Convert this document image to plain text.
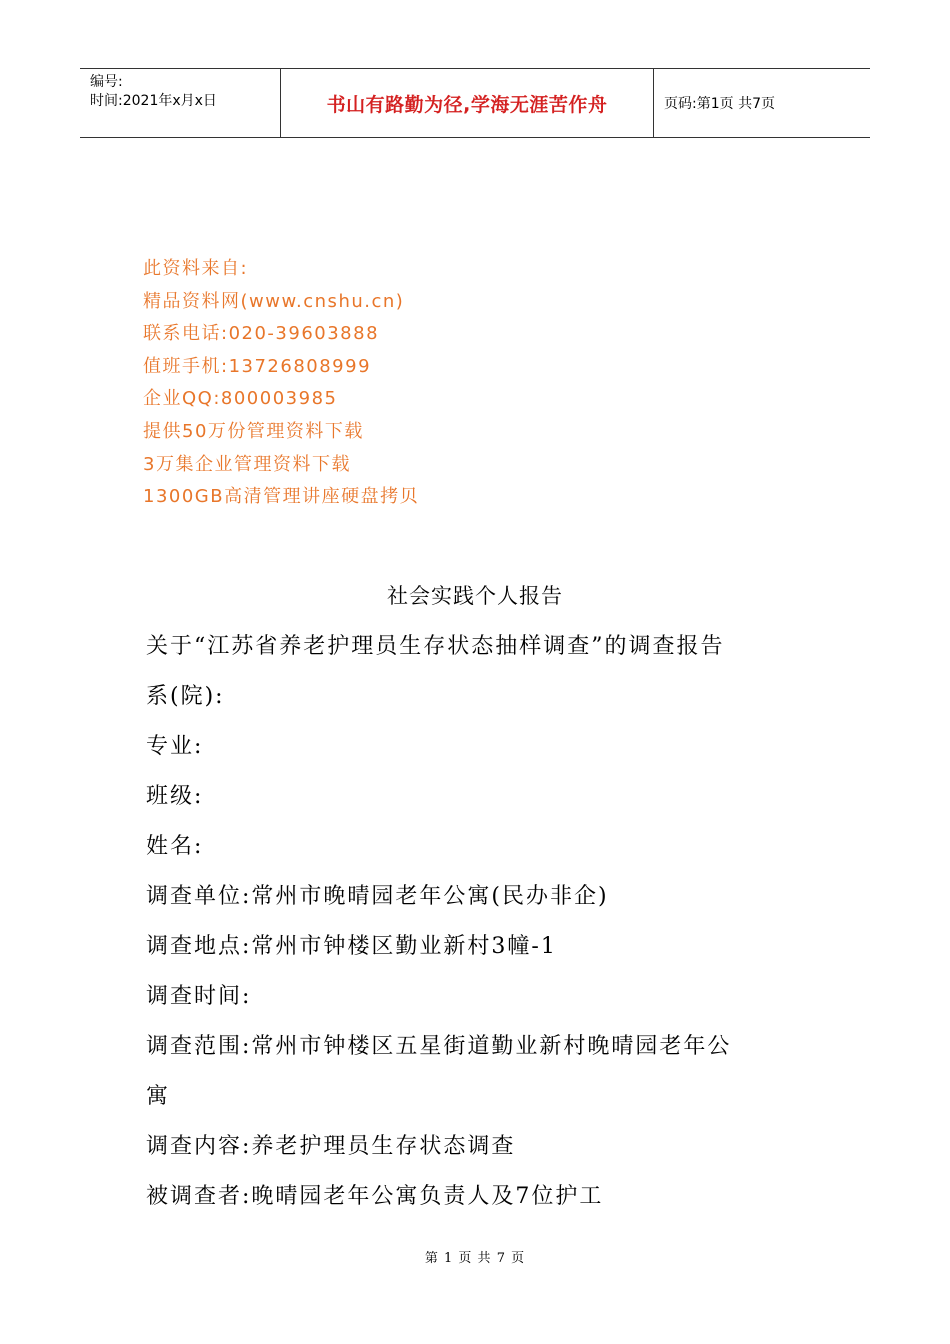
编号:
时间:2021年x月x日	书山有路勤为径,学海无涯苦作舟	页码:第1页 共7页
此资料来自:
精品资料网(www.cnshu.cn)
联系电话:020-39603888
值班手机:13726808999
企业QQ:800003985
提供50万份管理资料下载
3万集企业管理资料下载
1300GB高清管理讲座硬盘拷贝
社会实践个人报告
关于“江苏省养老护理员生存状态抽样调查”的调查报告
系(院):
专业:
班级:
姓名:
调查单位:常州市晚晴园老年公寓(民办非企)
调查地点:常州市钟楼区勤业新村3幢-1
调查时间:
调查范围:常州市钟楼区五星街道勤业新村晚晴园老年公
寓
调查内容:养老护理员生存状态调查
被调查者:晚晴园老年公寓负责人及7位护工
第 1 页 共 7 页
